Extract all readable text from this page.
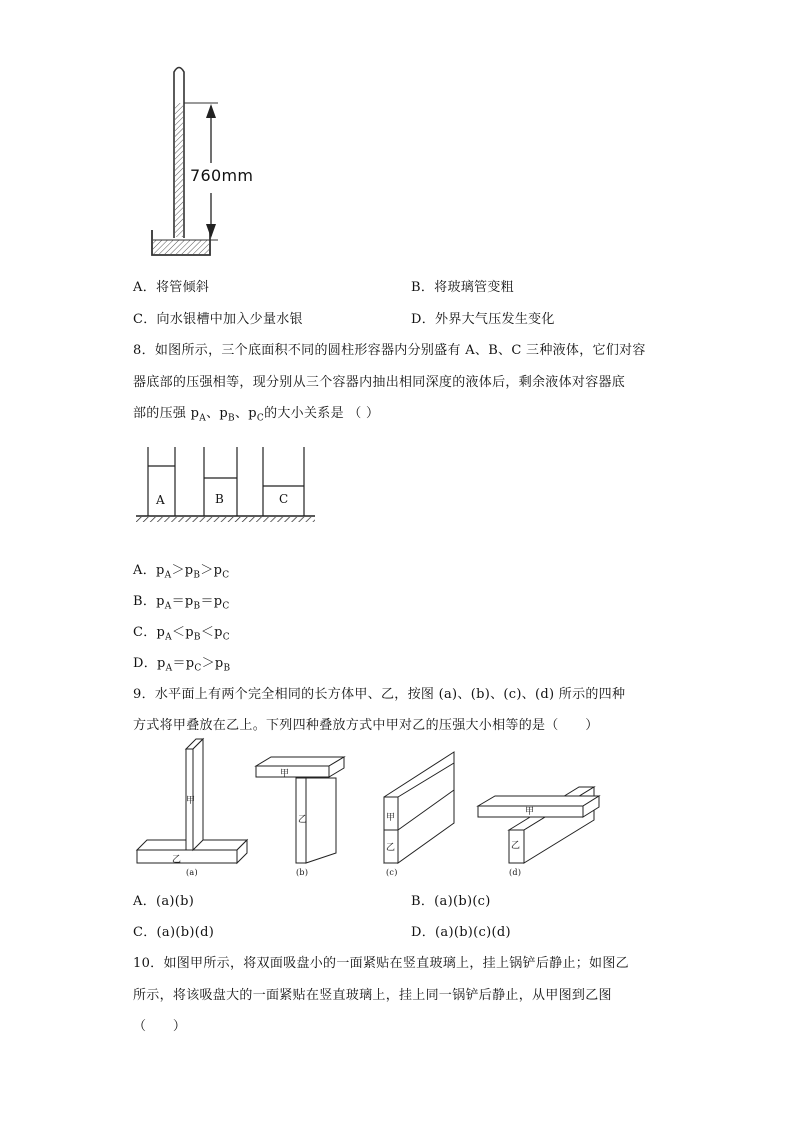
760mm
A．将管倾斜	B．将玻璃管变粗
C．向水银槽中加入少量水银	D．外界大气压发生变化
8．如图所示，三个底面积不同的圆柱形容器内分别盛有 A、B、C 三种液体，它们对容
器底部的压强相等，现分别从三个容器内抽出相同深度的液体后，剩余液体对容器底
部的压强 $p_A$、$p_B$、$p_C$的大小关系是 （ ）
A	B	C
A．$p_A>p_B>p_C$
B．$p_A=p_B=p_C$
C．$p_A<p_B<p_C$
D．$p_A=p_C>p_B$
9．水平面上有两个完全相同的长方体甲、乙，按图 (a)、(b)、(c)、(d) 所示的四种
方式将甲叠放在乙上。下列四种叠放方式中甲对乙的压强大小相等的是（　　）
甲
乙
甲
乙	甲
乙
甲
乙
(a)	(b)	(c)	(d)
A．(a)(b)	B．(a)(b)(c)
C．(a)(b)(d)	D．(a)(b)(c)(d)
10．如图甲所示，将双面吸盘小的一面紧贴在竖直玻璃上，挂上锅铲后静止；如图乙
所示，将该吸盘大的一面紧贴在竖直玻璃上，挂上同一锅铲后静止，从甲图到乙图
（　　）
